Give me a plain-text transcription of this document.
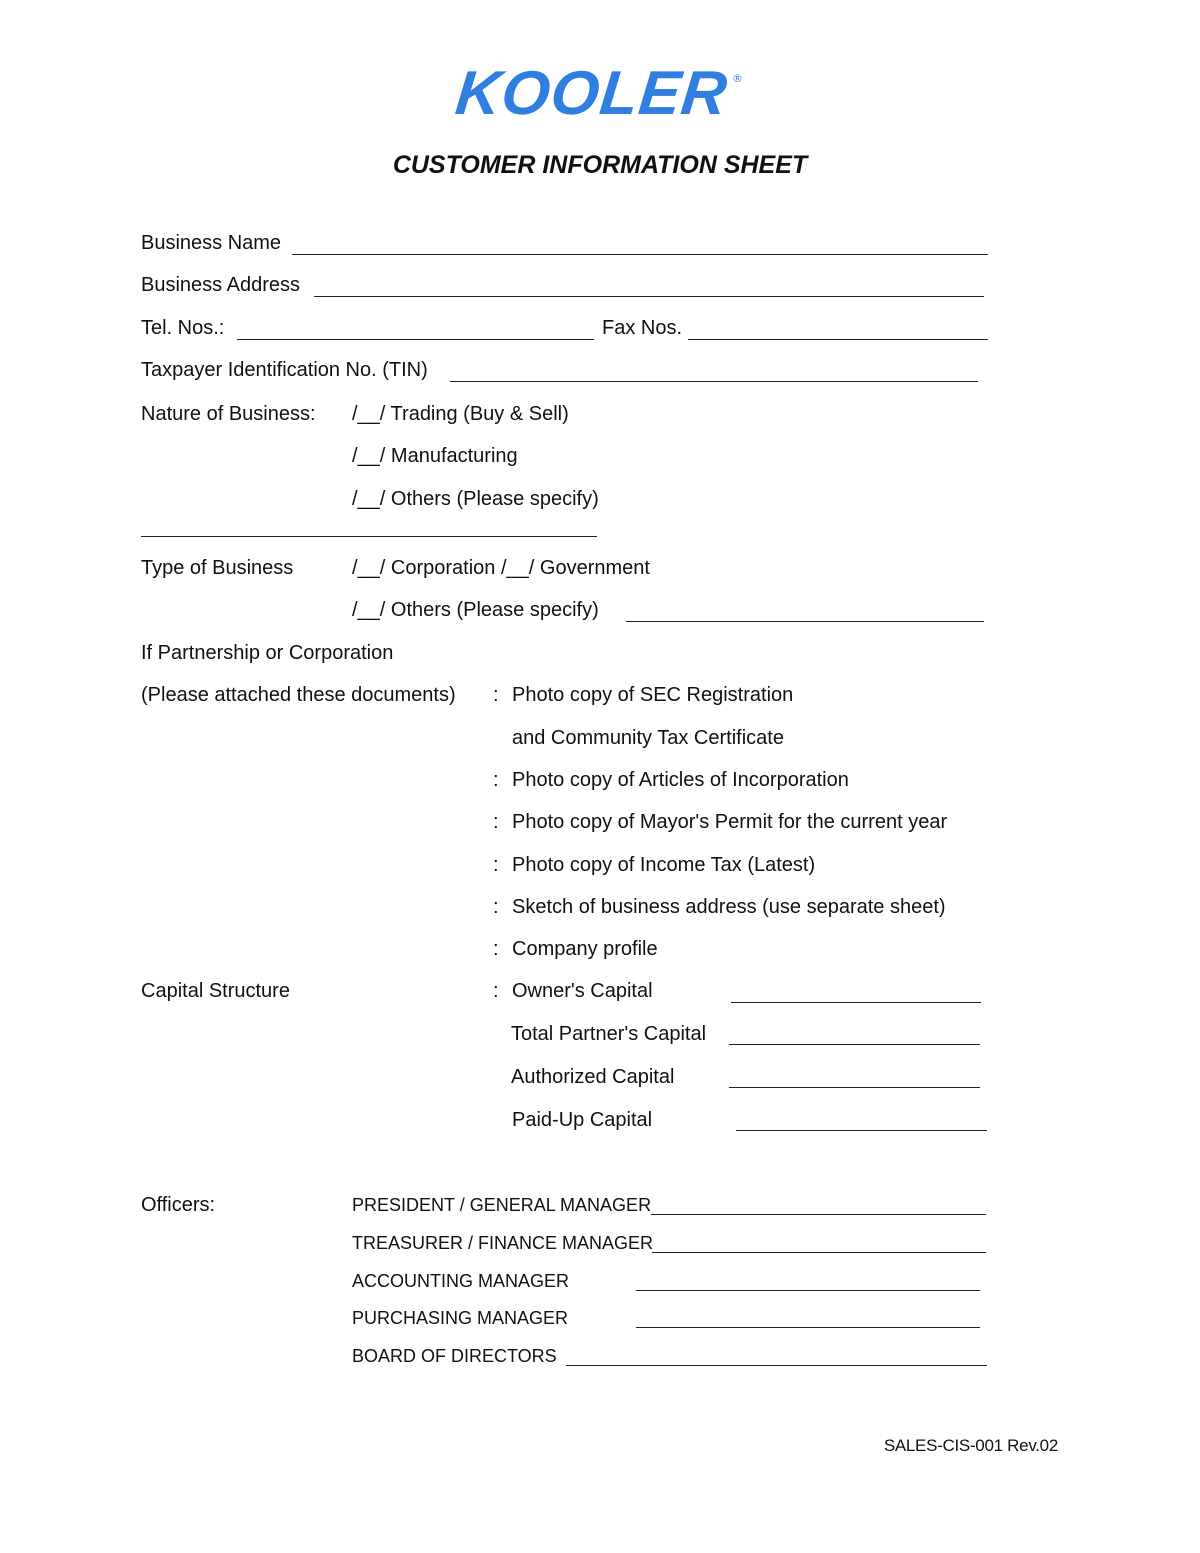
KOOLER ®
CUSTOMER INFORMATION SHEET
Business Name
Business Address
Tel. Nos.:	Fax Nos.
Taxpayer Identification No. (TIN)
Nature of Business: /__/ Trading (Buy & Sell)
/__/ Manufacturing
/__/ Others (Please specify)
Type of Business	/__/ Corporation /__/ Government
/__/ Others (Please specify)
If Partnership or Corporation
(Please attached these documents) : Photo copy of SEC Registration
and Community Tax Certificate
: Photo copy of Articles of Incorporation
: Photo copy of Mayor's Permit for the current year
: Photo copy of Income Tax (Latest)
: Sketch of business address (use separate sheet)
: Company profile
Capital Structure	: Owner's Capital
Total Partner's Capital
Authorized Capital
Paid-Up Capital
Officers:	PRESIDENT / GENERAL MANAGER
TREASURER / FINANCE MANAGER
ACCOUNTING MANAGER
PURCHASING MANAGER
BOARD OF DIRECTORS
SALES-CIS-001 Rev.02
